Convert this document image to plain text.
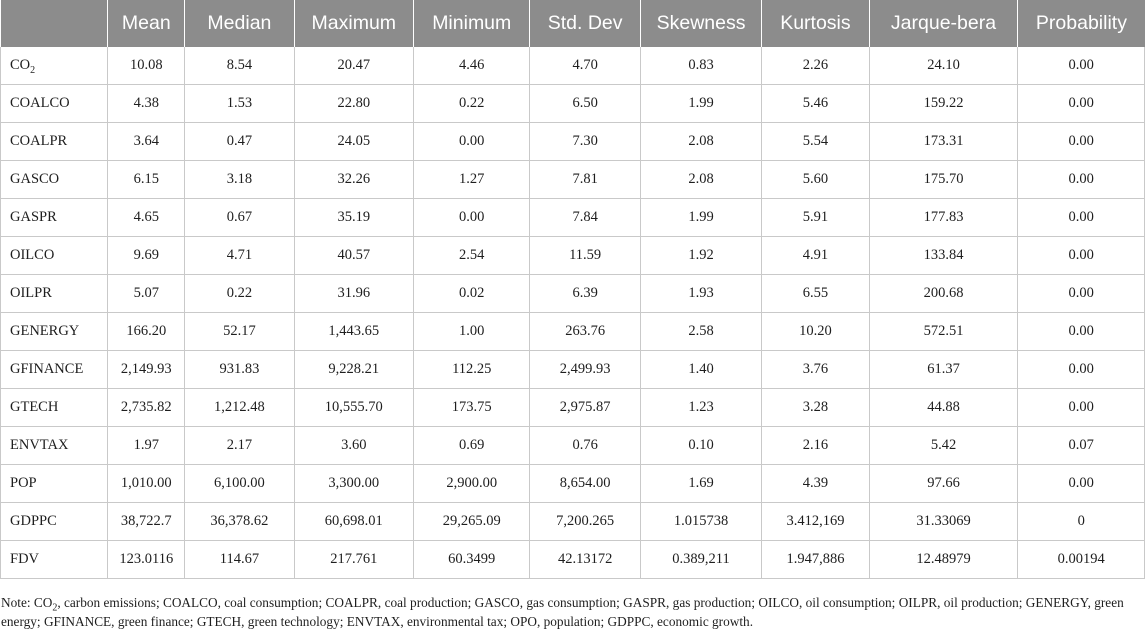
	Mean	Median	Maximum	Minimum	Std. Dev	Skewness	Kurtosis	Jarque-bera	Probability
$CO_2$	10.08	8.54	20.47	4.46	4.70	0.83	2.26	24.10	0.00
COALCO	4.38	1.53	22.80	0.22	6.50	1.99	5.46	159.22	0.00
COALPR	3.64	0.47	24.05	0.00	7.30	2.08	5.54	173.31	0.00
GASCO	6.15	3.18	32.26	1.27	7.81	2.08	5.60	175.70	0.00
GASPR	4.65	0.67	35.19	0.00	7.84	1.99	5.91	177.83	0.00
OILCO	9.69	4.71	40.57	2.54	11.59	1.92	4.91	133.84	0.00
OILPR	5.07	0.22	31.96	0.02	6.39	1.93	6.55	200.68	0.00
GENERGY	166.20	52.17	1,443.65	1.00	263.76	2.58	10.20	572.51	0.00
GFINANCE	2,149.93	931.83	9,228.21	112.25	2,499.93	1.40	3.76	61.37	0.00
GTECH	2,735.82	1,212.48	10,555.70	173.75	2,975.87	1.23	3.28	44.88	0.00
ENVTAX	1.97	2.17	3.60	0.69	0.76	0.10	2.16	5.42	0.07
POP	1,010.00	6,100.00	3,300.00	2,900.00	8,654.00	1.69	4.39	97.66	0.00
GDPPC	38,722.7	36,378.62	60,698.01	29,265.09	7,200.265	1.015738	3.412,169	31.33069	0
FDV	123.0116	114.67	217.761	60.3499	42.13172	0.389,211	1.947,886	12.48979	0.00194

Note: $CO_2$, carbon emissions; COALCO, coal consumption; COALPR, coal production; GASCO, gas consumption; GASPR, gas production; OILCO, oil consumption; OILPR, oil production; GENERGY, green energy; GFINANCE, green finance; GTECH, green technology; ENVTAX, environmental tax; OPO, population; GDPPC, economic growth.
